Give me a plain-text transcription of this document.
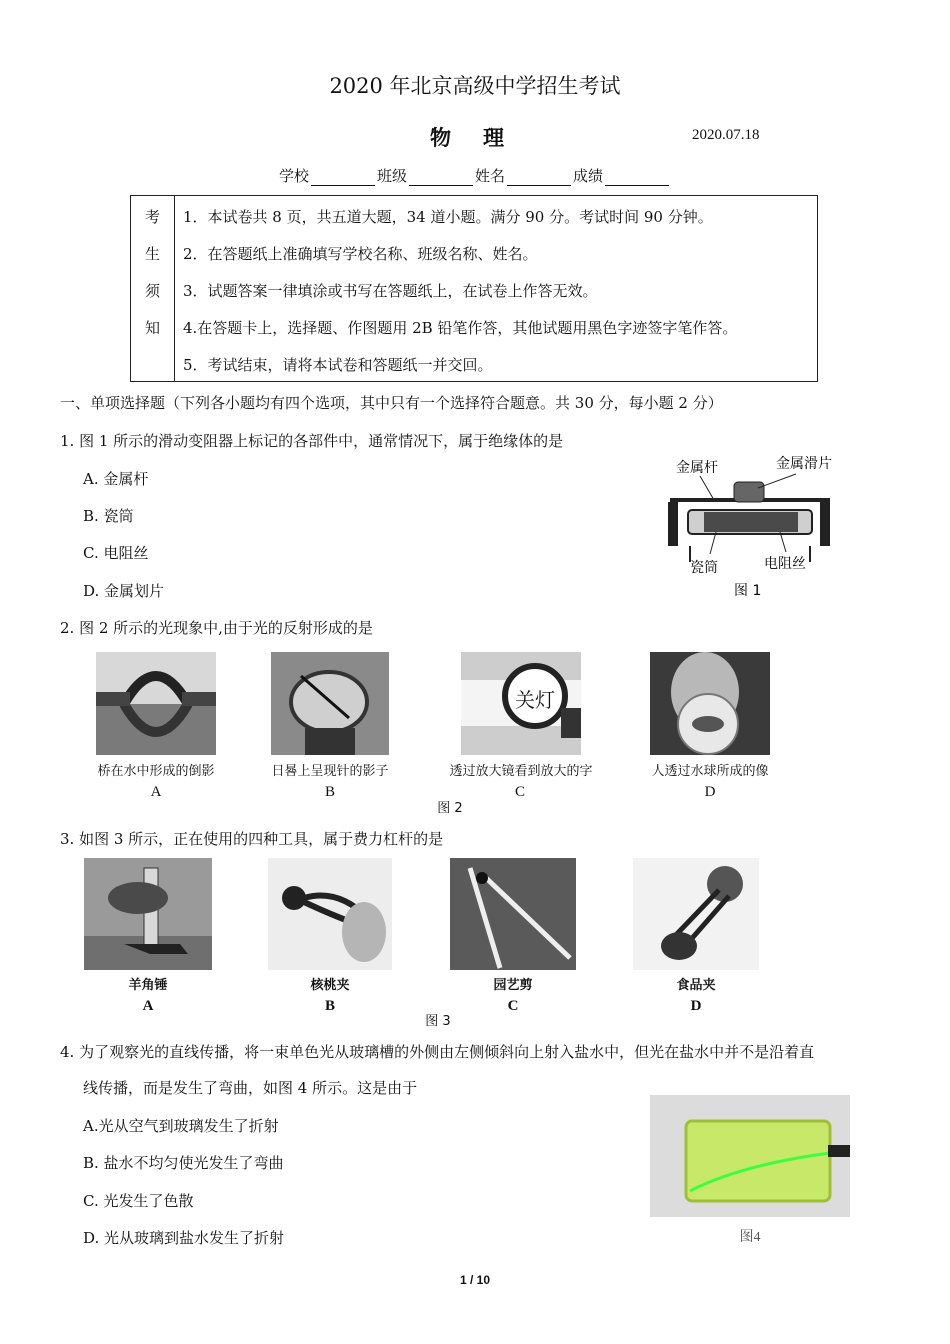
2020 年北京高级中学招生考试
物理	2020.07.18
学校	班级	姓名	成绩
考
生
须
知
1．本试卷共 8 页，共五道大题，34 道小题。满分 90 分。考试时间 90 分钟。
2．在答题纸上准确填写学校名称、班级名称、姓名。
3．试题答案一律填涂或书写在答题纸上，在试卷上作答无效。
4.在答题卡上，选择题、作图题用 2B 铅笔作答，其他试题用黑色字迹签字笔作答。
5．考试结束，请将本试卷和答题纸一并交回。
一、单项选择题（下列各小题均有四个选项，其中只有一个选择符合题意。共 30 分，每小题 2 分）
1. 图 1 所示的滑动变阻器上标记的各部件中，通常情况下，属于绝缘体的是
A. 金属杆
B. 瓷筒
C. 电阻丝
D. 金属划片
金属杆	金属滑片
瓷筒	电阻丝
图 1
2. 图 2 所示的光现象中,由于光的反射形成的是
关灯
桥在水中形成的倒影	日晷上呈现针的影子	透过放大镜看到放大的字	人透过水球所成的像
A	B	C	D
图 2
3. 如图 3 所示，正在使用的四种工具，属于费力杠杆的是
羊角锤	核桃夹	园艺剪	食品夹
A	B	C	D
图 3
4. 为了观察光的直线传播，将一束单色光从玻璃槽的外侧由左侧倾斜向上射入盐水中，但光在盐水中并不是沿着直
线传播，而是发生了弯曲，如图 4 所示。这是由于
A.光从空气到玻璃发生了折射
B. 盐水不均匀使光发生了弯曲
C. 光发生了色散
D. 光从玻璃到盐水发生了折射	图4
1 / 10
